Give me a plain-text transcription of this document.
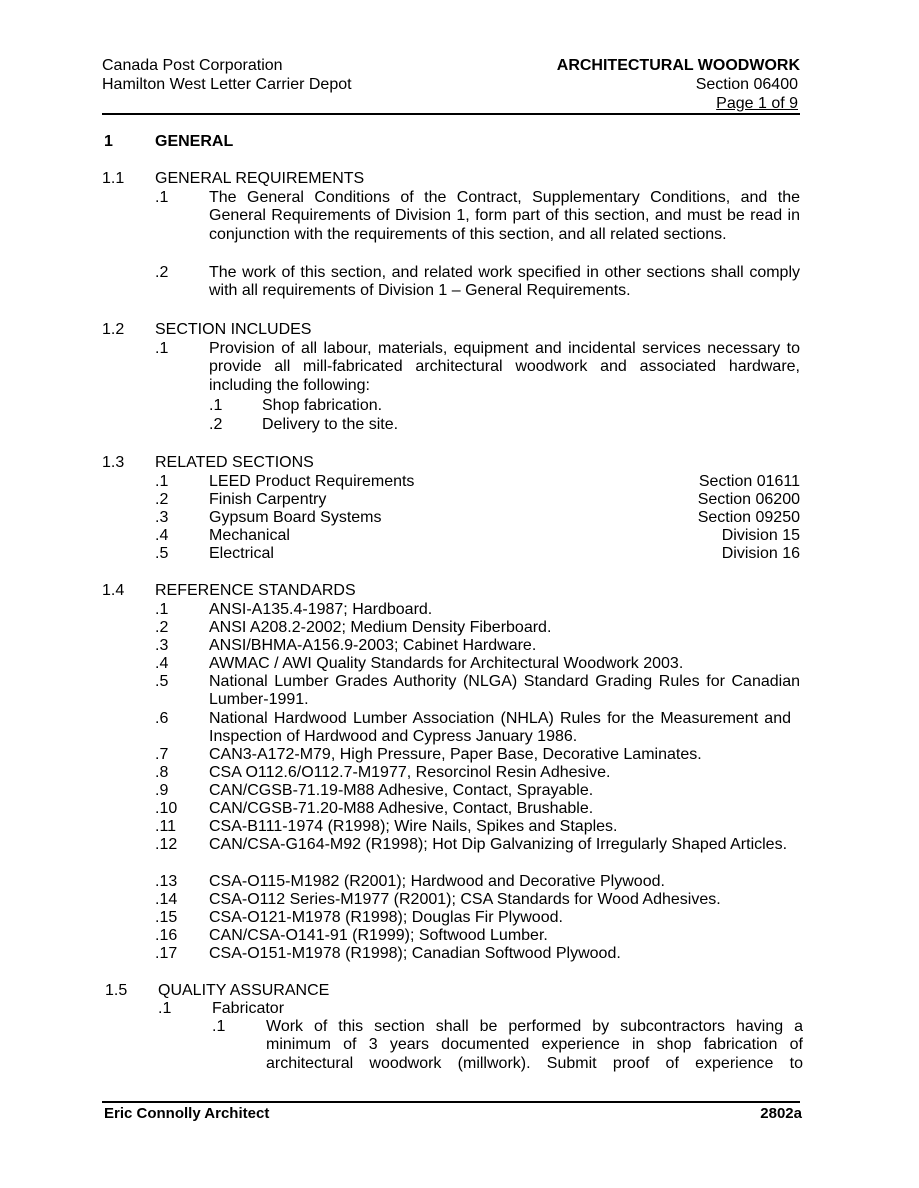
Canada Post Corporation
Hamilton West Letter Carrier Depot
ARCHITECTURAL WOODWORK
Section 06400
Page 1 of 9
1	GENERAL
1.1 GENERAL REQUIREMENTS
.1	The General Conditions of the Contract, Supplementary Conditions, and the General Requirements of Division 1, form part of this section, and must be read in conjunction with the requirements of this section, and all related sections.
.2	The work of this section, and related work specified in other sections shall comply with all requirements of Division 1 – General Requirements.
1.2 SECTION INCLUDES
.1	Provision of all labour, materials, equipment and incidental services necessary to provide all mill-fabricated architectural woodwork and associated hardware, including the following:
.1 Shop fabrication.
.2 Delivery to the site.
1.3 RELATED SECTIONS
.1	LEED Product Requirements	Section 01611
.2	Finish Carpentry	Section 06200
.3	Gypsum Board Systems	Section 09250
.4	Mechanical	Division 15
.5	Electrical	Division 16
1.4 REFERENCE STANDARDS
.1	ANSI-A135.4-1987; Hardboard.
.2	ANSI A208.2-2002; Medium Density Fiberboard.
.3	ANSI/BHMA-A156.9-2003; Cabinet Hardware.
.4	AWMAC / AWI Quality Standards for Architectural Woodwork 2003.
.5	National Lumber Grades Authority (NLGA) Standard Grading Rules for Canadian Lumber-1991.
.6	National Hardwood Lumber Association (NHLA) Rules for the Measurement and Inspection of Hardwood and Cypress January 1986.
.7	CAN3-A172-M79, High Pressure, Paper Base, Decorative Laminates.
.8	CSA O112.6/O112.7-M1977, Resorcinol Resin Adhesive.
.9	CAN/CGSB-71.19-M88 Adhesive, Contact, Sprayable.
.10 CAN/CGSB-71.20-M88 Adhesive, Contact, Brushable.
.11 CSA-B111-1974 (R1998); Wire Nails, Spikes and Staples.
.12 CAN/CSA-G164-M92 (R1998); Hot Dip Galvanizing of Irregularly Shaped Articles.
.13 CSA-O115-M1982 (R2001); Hardwood and Decorative Plywood.
.14 CSA-O112 Series-M1977 (R2001); CSA Standards for Wood Adhesives.
.15 CSA-O121-M1978 (R1998); Douglas Fir Plywood.
.16 CAN/CSA-O141-91 (R1999); Softwood Lumber.
.17 CSA-O151-M1978 (R1998); Canadian Softwood Plywood.
1.5 QUALITY ASSURANCE
.1	Fabricator
.1	Work of this section shall be performed by subcontractors having a minimum of 3 years documented experience in shop fabrication of architectural woodwork (millwork). Submit proof of experience to
Eric Connolly Architect	2802a
